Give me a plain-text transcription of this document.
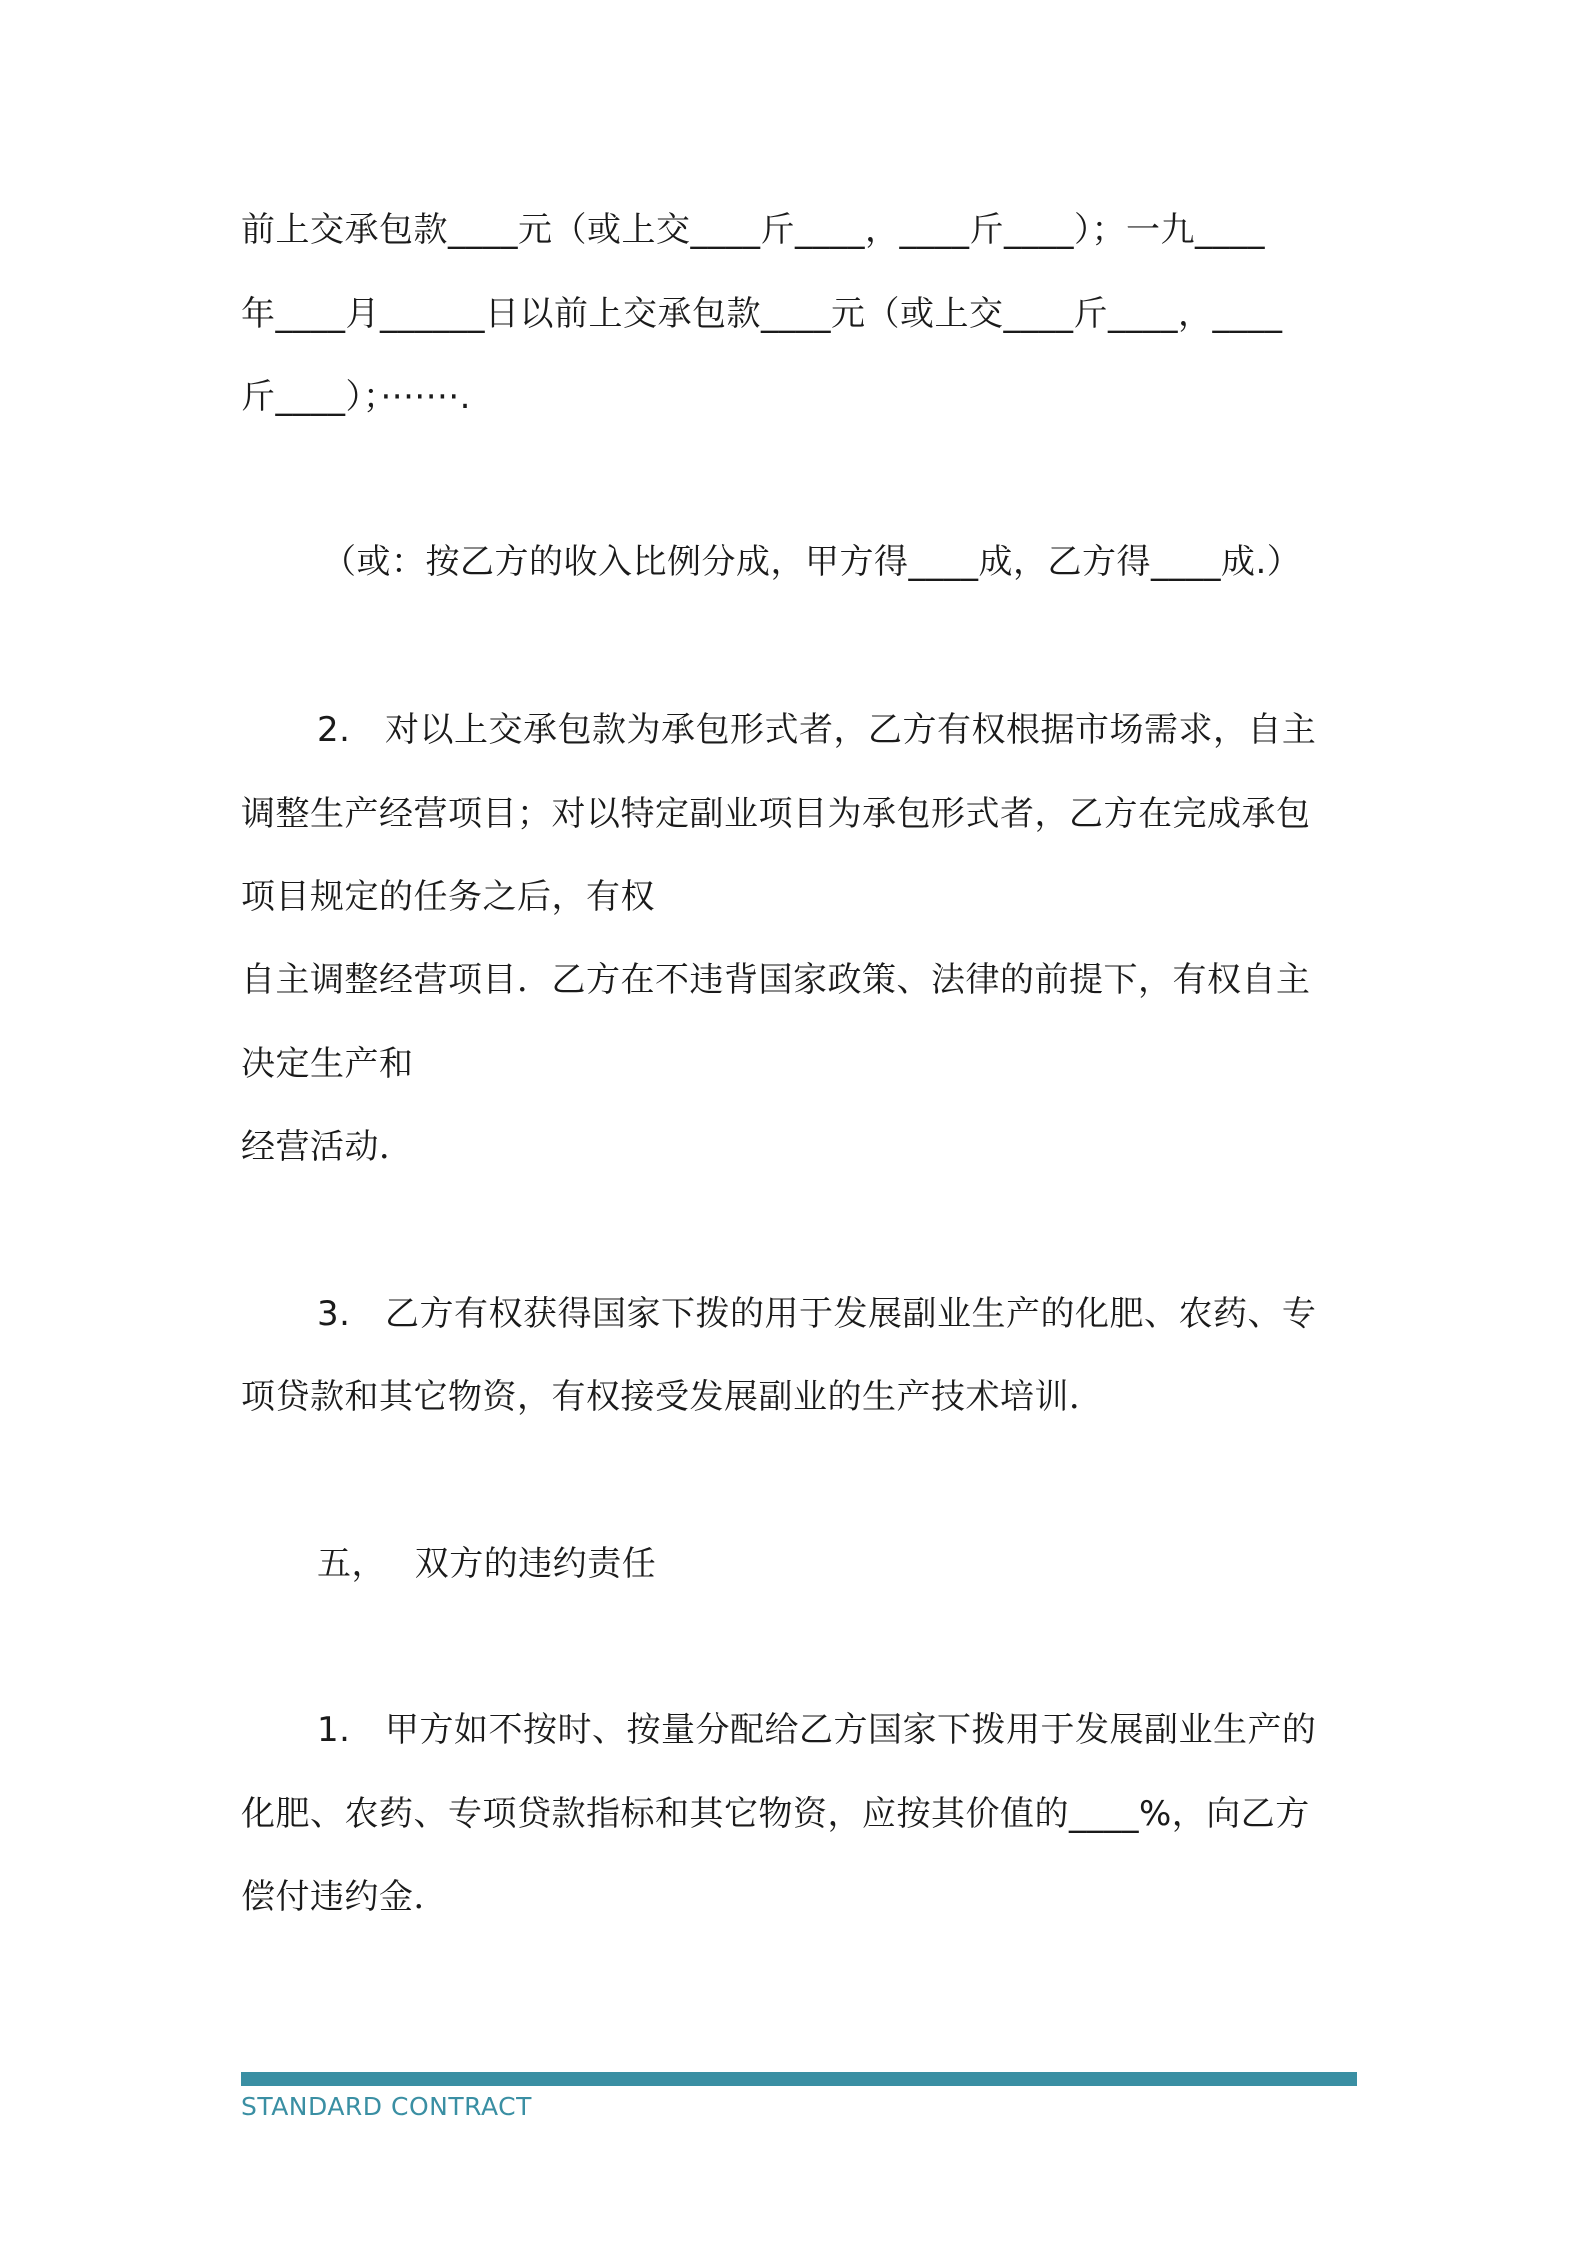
前上交承包款____元（或上交____斤____，____斤____）；一九____
年____月______日以前上交承包款____元（或上交____斤____，____
斤____）；·······.
（或：按乙方的收入比例分成，甲方得____成，乙方得____成.）
2.　对以上交承包款为承包形式者，乙方有权根据市场需求，自主
调整生产经营项目；对以特定副业项目为承包形式者，乙方在完成承包
项目规定的任务之后，有权
自主调整经营项目．乙方在不违背国家政策、法律的前提下，有权自主
决定生产和
经营活动．
3.　乙方有权获得国家下拨的用于发展副业生产的化肥、农药、专
项贷款和其它物资，有权接受发展副业的生产技术培训．
五，　 双方的违约责任
1.　甲方如不按时、按量分配给乙方国家下拨用于发展副业生产的
化肥、农药、专项贷款指标和其它物资，应按其价值的____%，向乙方
偿付违约金．
STANDARD CONTRACT
